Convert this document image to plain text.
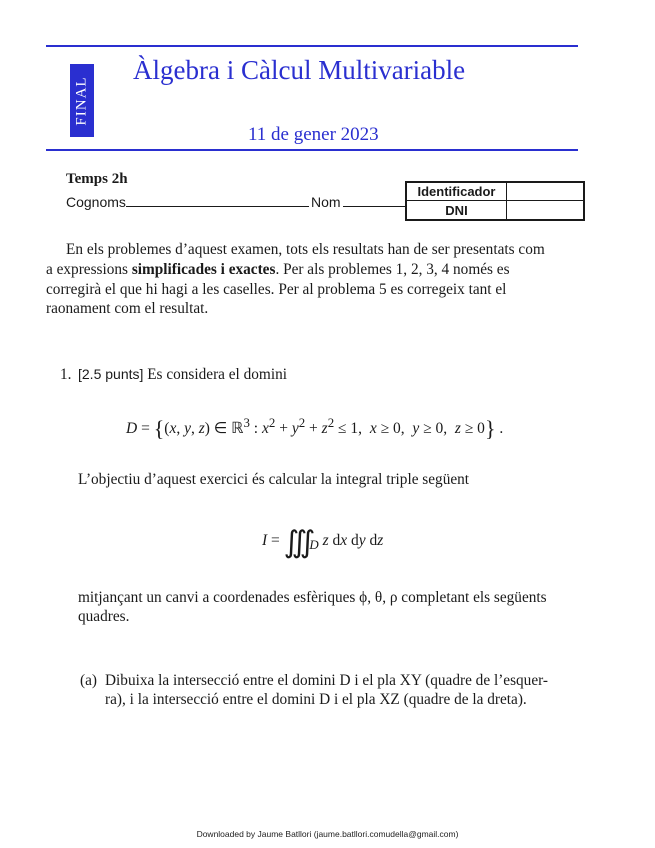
FINAL
Àlgebra i Càlcul Multivariable
11 de gener 2023
Temps 2h
Cognoms	Nom
Identificador
DNI
En els problemes d’aquest examen, tots els resultats han de ser presentats com
a expressions simplificades i exactes. Per als problemes 1, 2, 3, 4 només es
corregirà el que hi hagi a les caselles. Per al problema 5 es corregeix tant el
raonament com el resultat.
1. [2.5 punts] Es considera el domini
D = {(x, y, z) ∈ ℝ$^3$ : $x^2 + y^2 + z^2 \le 1$,  x ≥ 0,  y ≥ 0,  z ≥ 0} .
L’objectiu d’aquest exercici és calcular la integral triple següent
$I = ∭_D$ z dx dy dz
mitjançant un canvi a coordenades esfèriques ϕ, θ, ρ completant els següents
quadres.
(a) Dibuixa la intersecció entre el domini D i el pla XY (quadre de l’esquer-
ra), i la intersecció entre el domini D i el pla XZ (quadre de la dreta).
Downloaded by Jaume Batllori (jaume.batllori.comudella@gmail.com)
